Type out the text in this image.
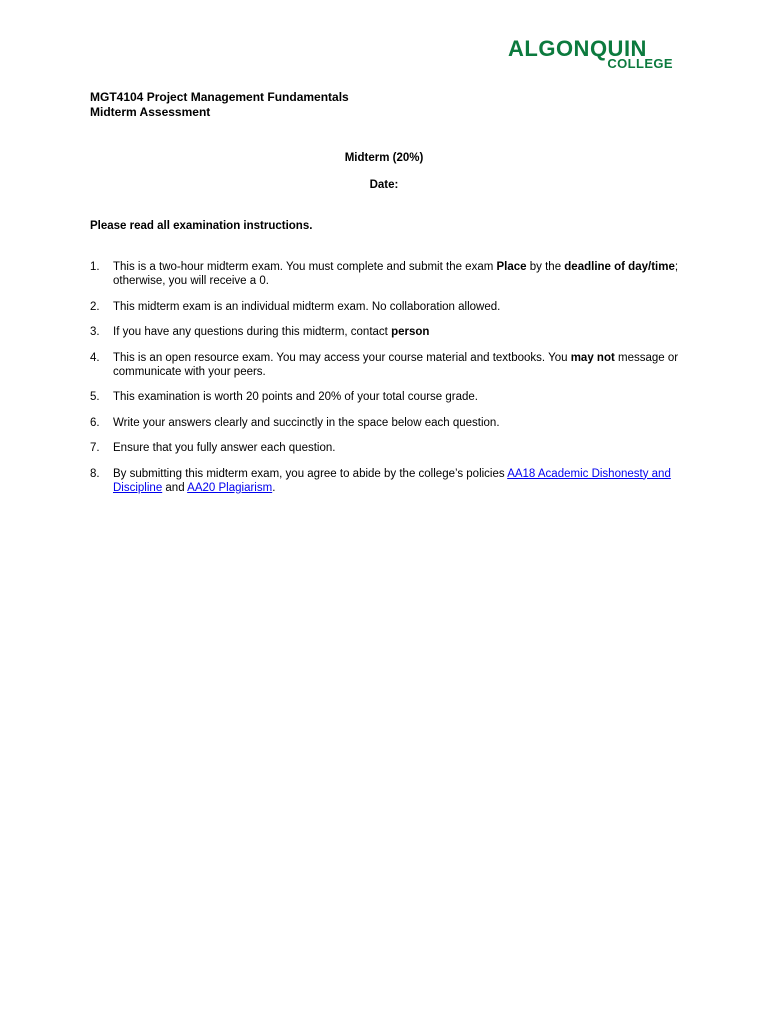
ALGONQUIN
COLLEGE
MGT4104 Project Management Fundamentals
Midterm Assessment
Midterm (20%)
Date:
Please read all examination instructions.
1. This is a two-hour midterm exam. You must complete and submit the exam Place by the deadline of day/time; otherwise, you will receive a 0.
2. This midterm exam is an individual midterm exam. No collaboration allowed.
3. If you have any questions during this midterm, contact person
4. This is an open resource exam. You may access your course material and textbooks. You may not message or communicate with your peers.
5. This examination is worth 20 points and 20% of your total course grade.
6. Write your answers clearly and succinctly in the space below each question.
7. Ensure that you fully answer each question.
8. By submitting this midterm exam, you agree to abide by the college’s policies AA18 Academic Dishonesty and Discipline and AA20 Plagiarism.
